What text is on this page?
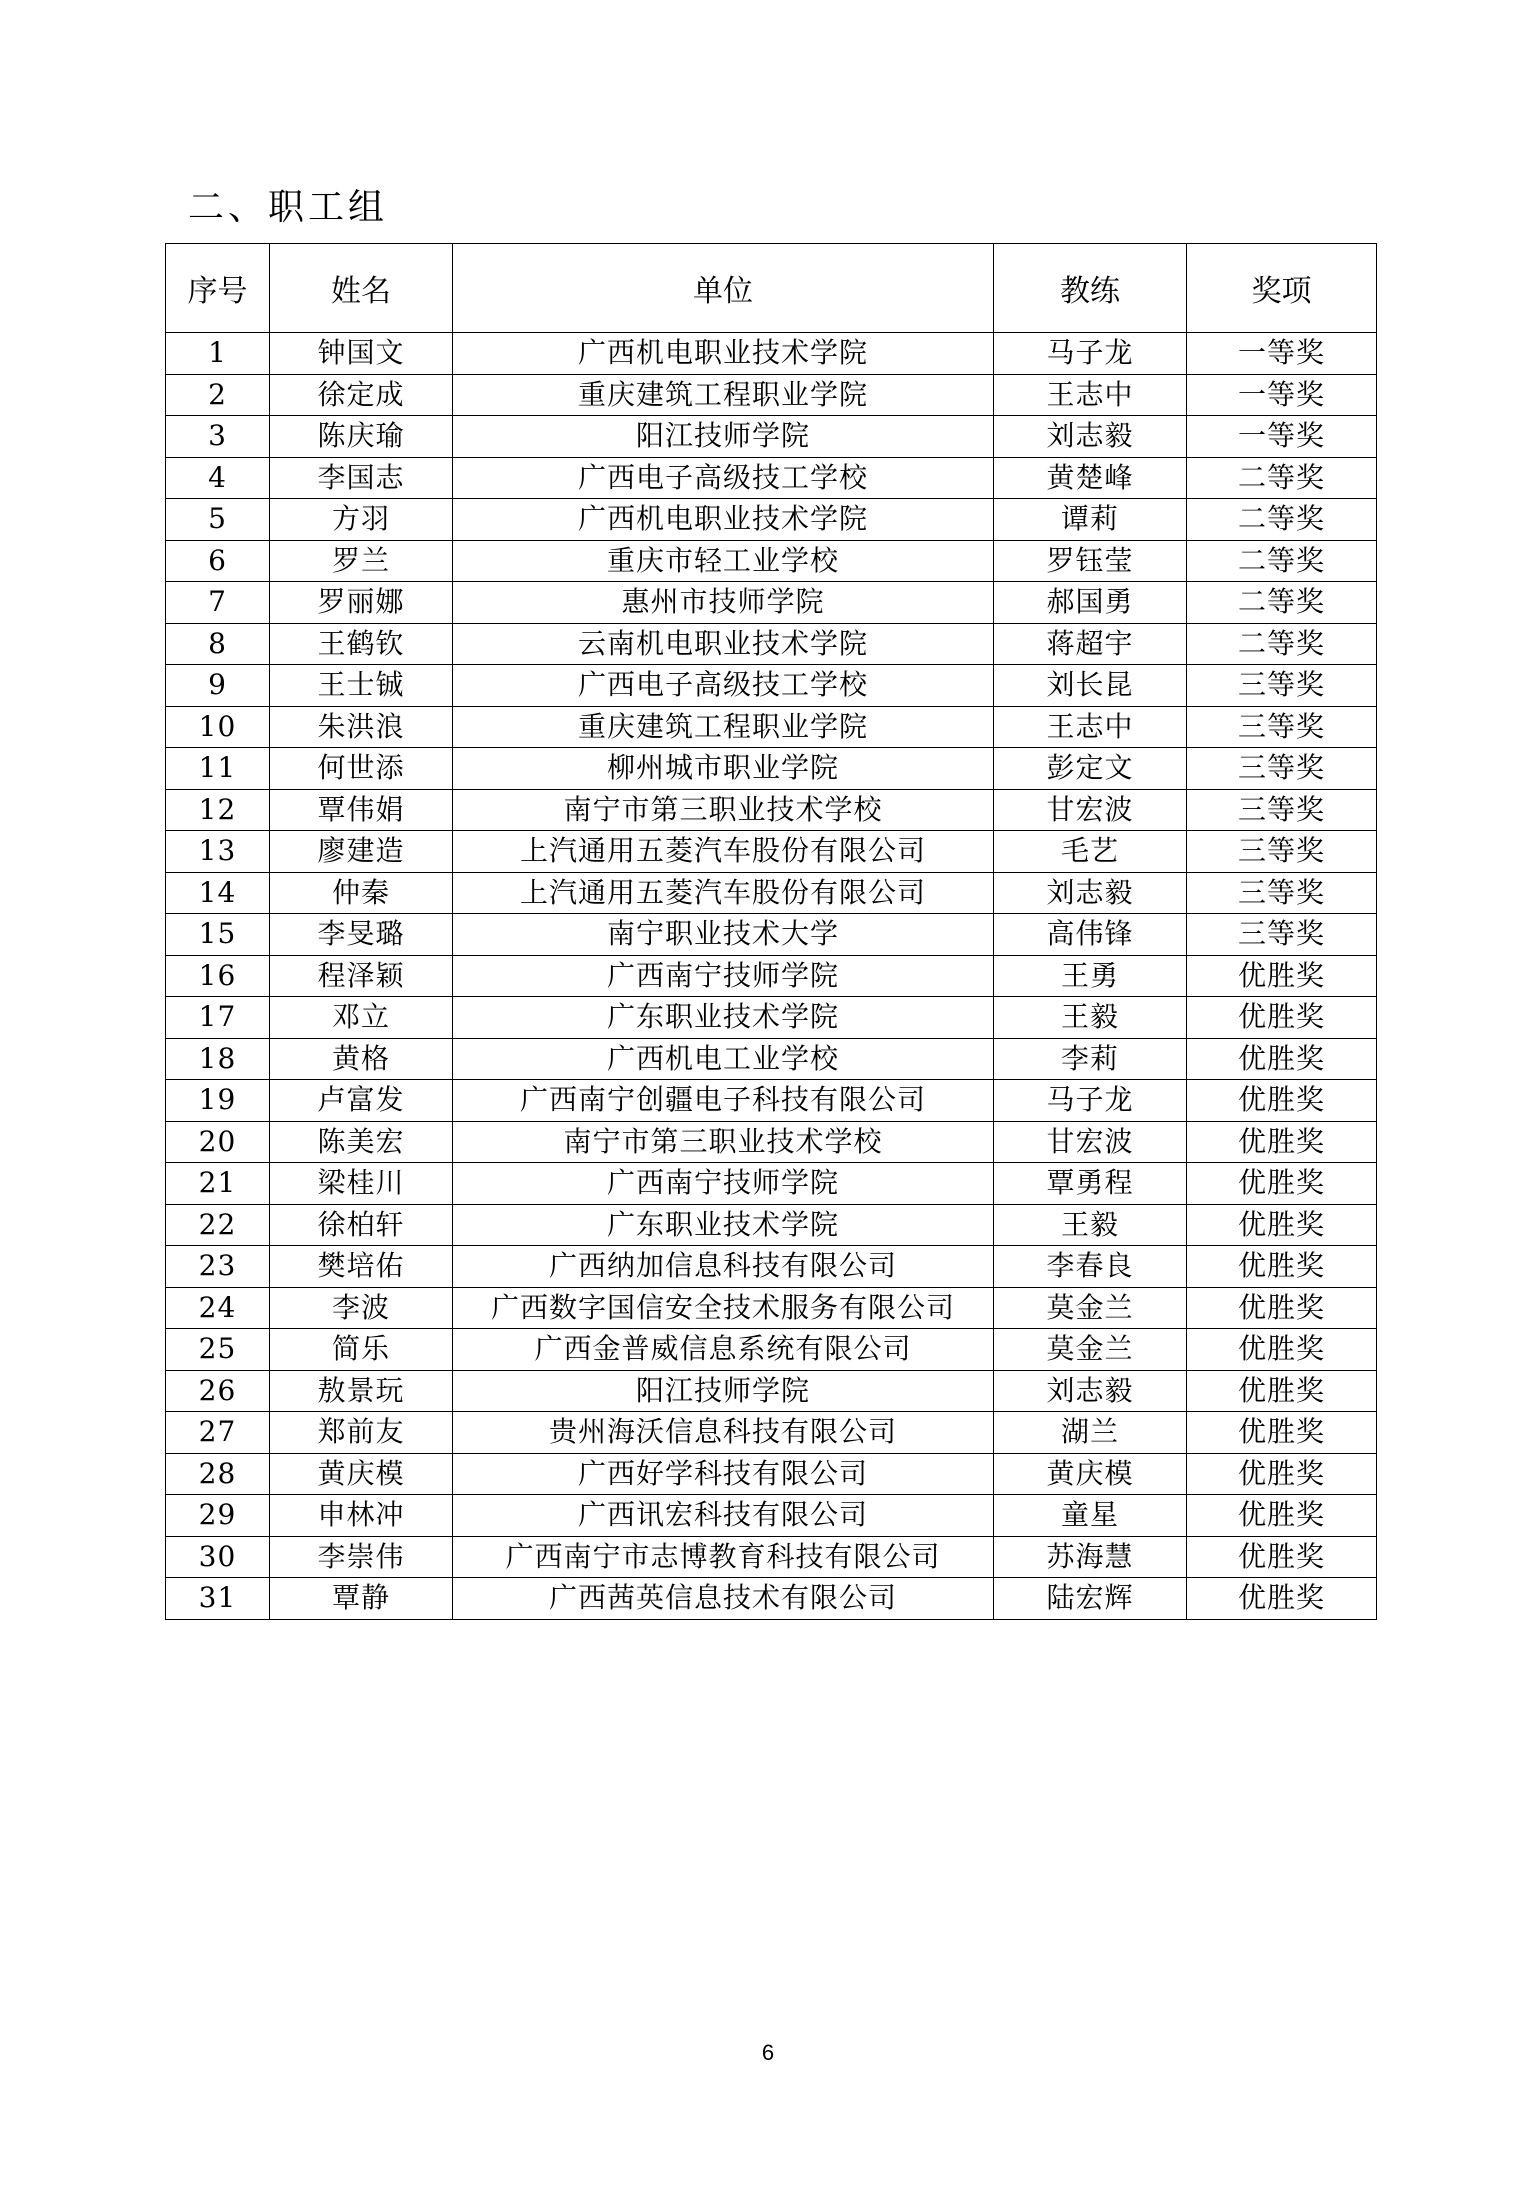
二、职工组
序号	姓名	单位	教练	奖项
1	钟国文	广西机电职业技术学院	马子龙	一等奖
2	徐定成	重庆建筑工程职业学院	王志中	一等奖
3	陈庆瑜	阳江技师学院	刘志毅	一等奖
4	李国志	广西电子高级技工学校	黄楚峰	二等奖
5	方羽	广西机电职业技术学院	谭莉	二等奖
6	罗兰	重庆市轻工业学校	罗钰莹	二等奖
7	罗丽娜	惠州市技师学院	郝国勇	二等奖
8	王鹤钦	云南机电职业技术学院	蒋超宇	二等奖
9	王士铖	广西电子高级技工学校	刘长昆	三等奖
10	朱洪浪	重庆建筑工程职业学院	王志中	三等奖
11	何世添	柳州城市职业学院	彭定文	三等奖
12	覃伟娟	南宁市第三职业技术学校	甘宏波	三等奖
13	廖建造	上汽通用五菱汽车股份有限公司	毛艺	三等奖
14	仲秦	上汽通用五菱汽车股份有限公司	刘志毅	三等奖
15	李旻璐	南宁职业技术大学	高伟锋	三等奖
16	程泽颖	广西南宁技师学院	王勇	优胜奖
17	邓立	广东职业技术学院	王毅	优胜奖
18	黄格	广西机电工业学校	李莉	优胜奖
19	卢富发	广西南宁创疆电子科技有限公司	马子龙	优胜奖
20	陈美宏	南宁市第三职业技术学校	甘宏波	优胜奖
21	梁桂川	广西南宁技师学院	覃勇程	优胜奖
22	徐柏轩	广东职业技术学院	王毅	优胜奖
23	樊培佑	广西纳加信息科技有限公司	李春良	优胜奖
24	李波	广西数字国信安全技术服务有限公司	莫金兰	优胜奖
25	简乐	广西金普威信息系统有限公司	莫金兰	优胜奖
26	敖景玩	阳江技师学院	刘志毅	优胜奖
27	郑前友	贵州海沃信息科技有限公司	湖兰	优胜奖
28	黄庆模	广西好学科技有限公司	黄庆模	优胜奖
29	申林冲	广西讯宏科技有限公司	童星	优胜奖
30	李崇伟	广西南宁市志博教育科技有限公司	苏海慧	优胜奖
31	覃静	广西茜英信息技术有限公司	陆宏辉	优胜奖
6
